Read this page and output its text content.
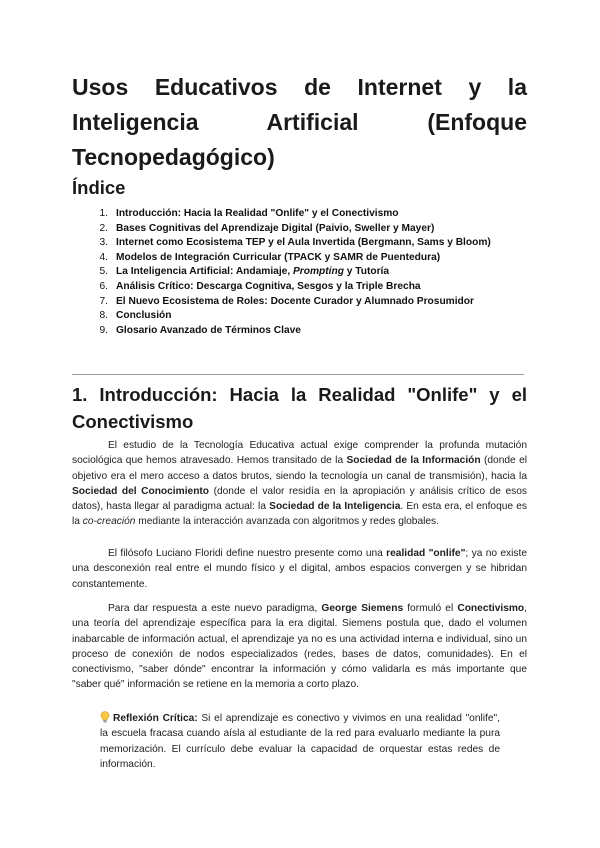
Usos Educativos de Internet y la Inteligencia Artificial (Enfoque Tecnopedagógico)
Índice
1. Introducción: Hacia la Realidad "Onlife" y el Conectivismo
2. Bases Cognitivas del Aprendizaje Digital (Paivio, Sweller y Mayer)
3. Internet como Ecosistema TEP y el Aula Invertida (Bergmann, Sams y Bloom)
4. Modelos de Integración Curricular (TPACK y SAMR de Puentedura)
5. La Inteligencia Artificial: Andamiaje, Prompting y Tutoría
6. Análisis Crítico: Descarga Cognitiva, Sesgos y la Triple Brecha
7. El Nuevo Ecosistema de Roles: Docente Curador y Alumnado Prosumidor
8. Conclusión
9. Glosario Avanzado de Términos Clave
1. Introducción: Hacia la Realidad "Onlife" y el Conectivismo

El estudio de la Tecnología Educativa actual exige comprender la profunda mutación sociológica que hemos atravesado. Hemos transitado de la Sociedad de la Información (donde el objetivo era el mero acceso a datos brutos, siendo la tecnología un canal de transmisión), hacia la Sociedad del Conocimiento (donde el valor residía en la apropiación y análisis crítico de esos datos), hasta llegar al paradigma actual: la Sociedad de la Inteligencia. En esta era, el enfoque es la co-creación mediante la interacción avanzada con algoritmos y redes globales.

El filósofo Luciano Floridi define nuestro presente como una realidad "onlife"; ya no existe una desconexión real entre el mundo físico y el digital, ambos espacios convergen y se hibridan constantemente.

Para dar respuesta a este nuevo paradigma, George Siemens formuló el Conectivismo, una teoría del aprendizaje específica para la era digital. Siemens postula que, dado el volumen inabarcable de información actual, el aprendizaje ya no es una actividad interna e individual, sino un proceso de conexión de nodos especializados (redes, bases de datos, comunidades). En el conectivismo, "saber dónde" encontrar la información y cómo validarla es más importante que "saber qué" información se retiene en la memoria a corto plazo.

Reflexión Crítica: Si el aprendizaje es conectivo y vivimos en una realidad "onlife", la escuela fracasa cuando aísla al estudiante de la red para evaluarlo mediante la pura memorización. El currículo debe evaluar la capacidad de orquestar estas redes de información.
